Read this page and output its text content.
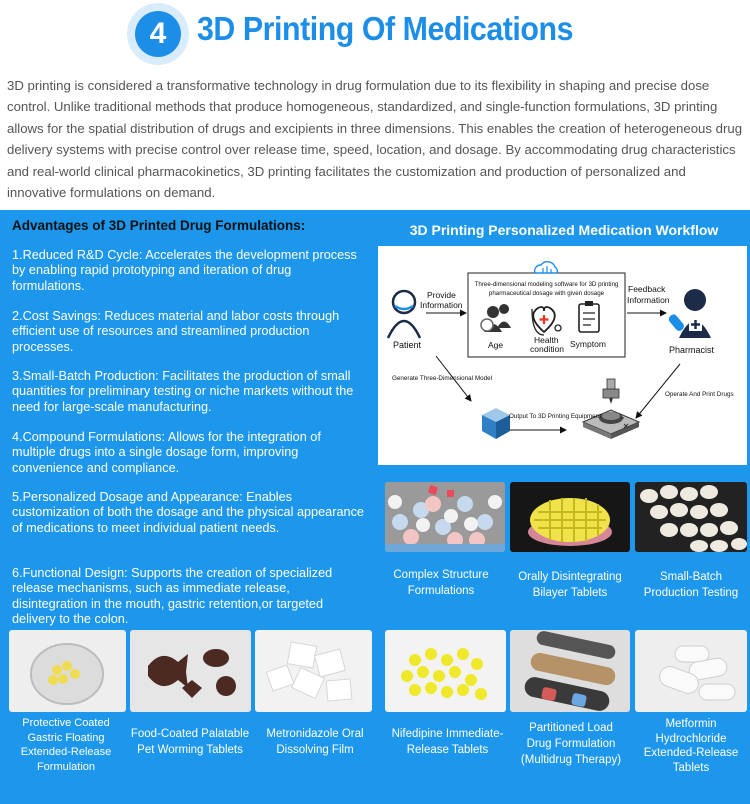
4 3D Printing Of Medications
3D printing is considered a transformative technology in drug formulation due to its flexibility in shaping and precise dose control. Unlike traditional methods that produce homogeneous, standardized, and single-function formulations, 3D printing allows for the spatial distribution of drugs and excipients in three dimensions. This enables the creation of heterogeneous drug delivery systems with precise control over release time, speed, location, and dosage. By accommodating drug characteristics and real-world clinical pharmacokinetics, 3D printing facilitates the customization and production of personalized and innovative formulations on demand.
Advantages of 3D Printed Drug Formulations:
1.Reduced R&D Cycle: Accelerates the development process by enabling rapid prototyping and iteration of drug formulations.
2.Cost Savings: Reduces material and labor costs through efficient use of resources and streamlined production processes.
3.Small-Batch Production: Facilitates the production of small quantities for preliminary testing or niche markets without the need for large-scale manufacturing.
4.Compound Formulations: Allows for the integration of multiple drugs into a single dosage form, improving convenience and compliance.
5.Personalized Dosage and Appearance: Enables customization of both the dosage and the physical appearance of medications to meet individual patient needs.
6.Functional Design: Supports the creation of specialized release mechanisms, such as immediate release, disintegration in the mouth, gastric retention,or targeted delivery to the colon.
3D Printing Personalized Medication Workflow
Three-dimensional modeling software for 3D printing
pharmaceutical dosage with given dosage
Provide
Information
Feedback
Information
Patient	Pharmacist
Age	Health
condition Symptom
Generate Three-Dimensional Model
Output To 3D Printing Equipment
Operate And Print Drugs
Complex Structure
Formulations
Orally Disintegrating
Bilayer Tablets
Small-Batch
Production Testing
Protective Coated
Gastric Floating
Extended-Release
Formulation
Food-Coated Palatable
Pet Worming Tablets
Metronidazole Oral
Dissolving Film
Nifedipine Immediate-
Release Tablets
Partitioned Load
Drug Formulation
(Multidrug Therapy)
Metformin
Hydrochloride
Extended-Release
Tablets
